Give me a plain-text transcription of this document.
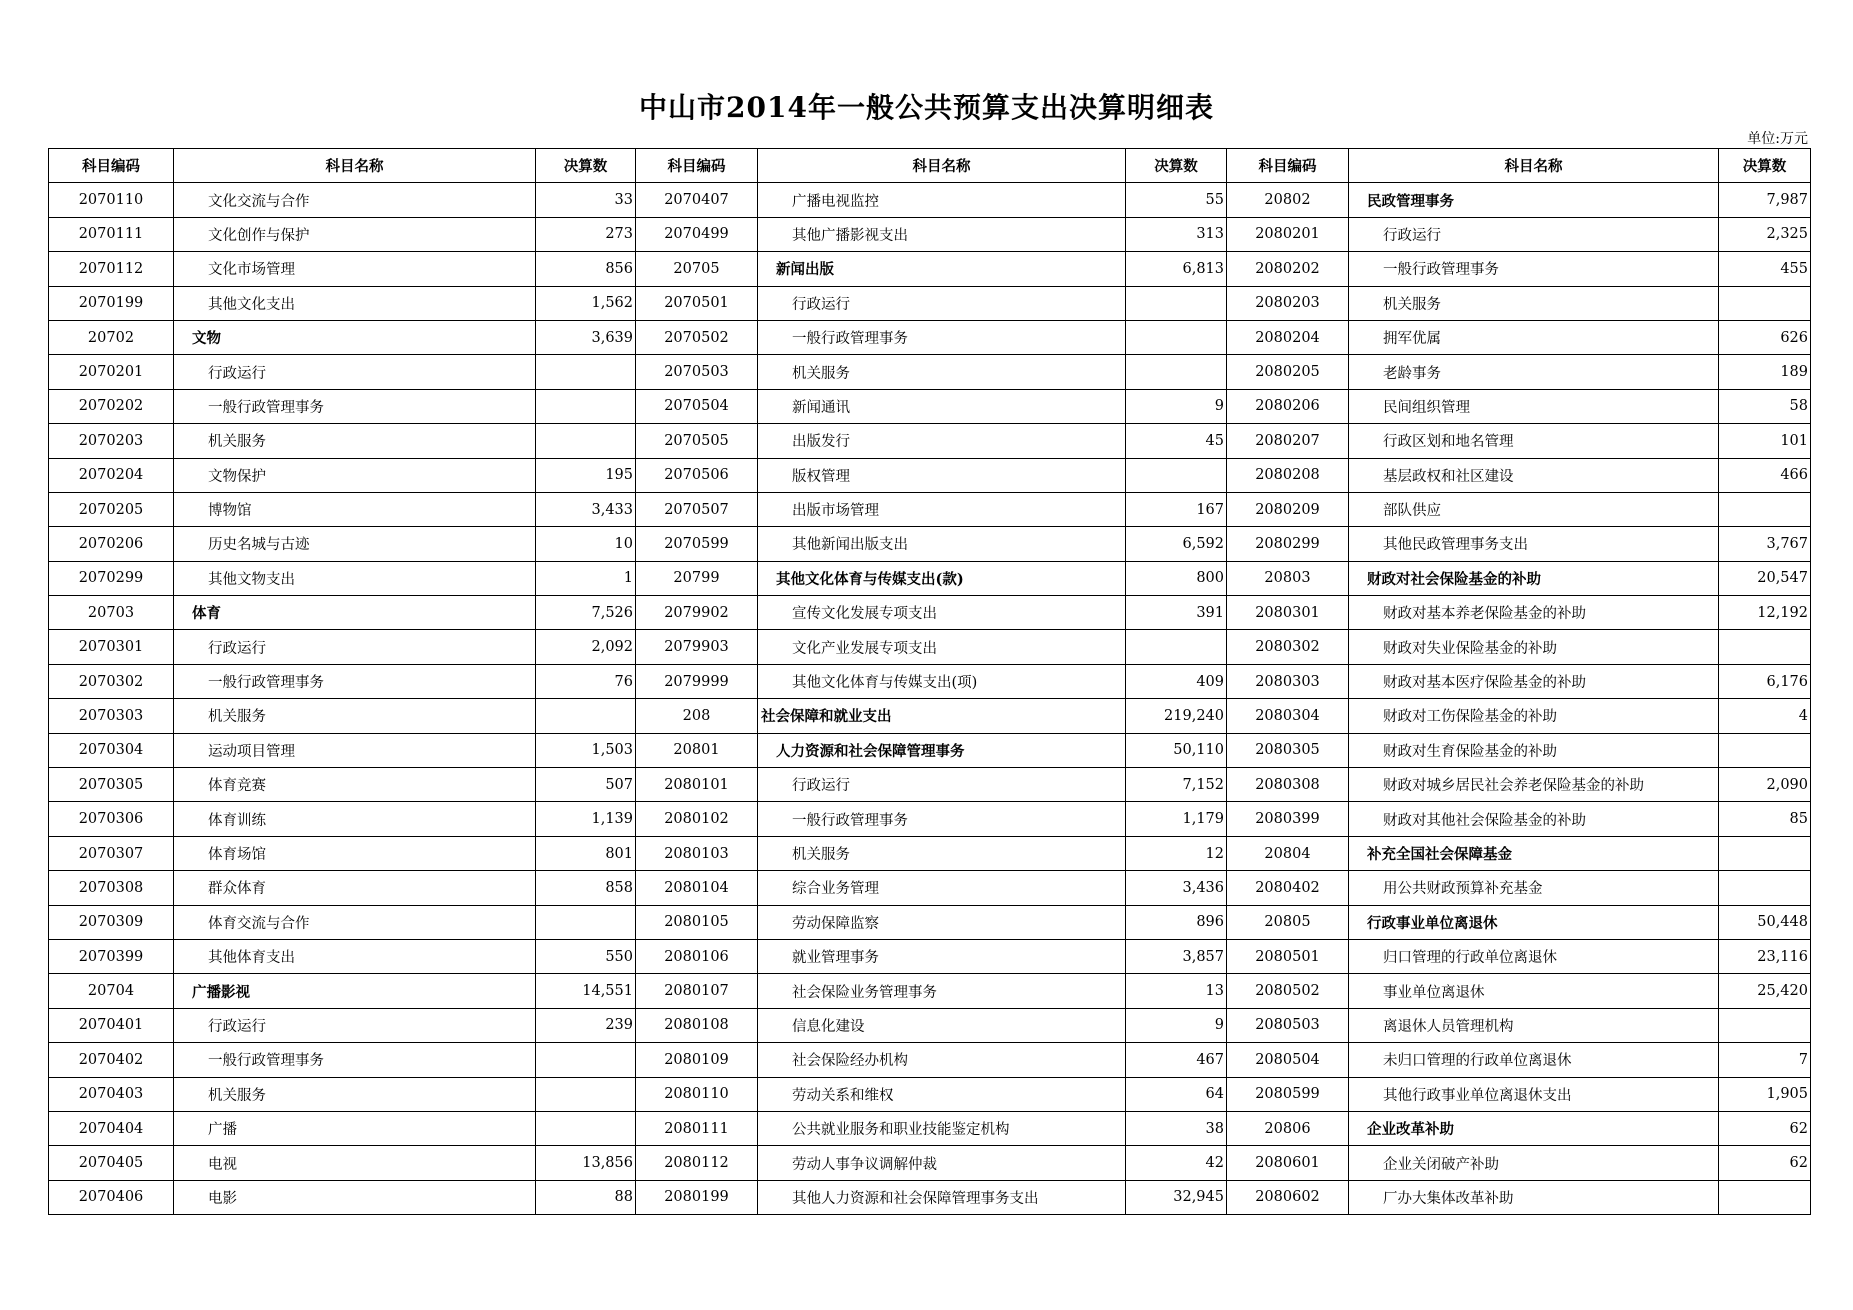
中山市2014年一般公共预算支出决算明细表
单位:万元
科目编码	科目名称	决算数	科目编码	科目名称	决算数	科目编码	科目名称	决算数
2070110	文化交流与合作	33	2070407	广播电视监控	55	20802	民政管理事务	7,987
2070111	文化创作与保护	273	2070499	其他广播影视支出	313	2080201	行政运行	2,325
2070112	文化市场管理	856	20705	新闻出版	6,813	2080202	一般行政管理事务	455
2070199	其他文化支出	1,562	2070501	行政运行		2080203	机关服务	
20702	文物	3,639	2070502	一般行政管理事务		2080204	拥军优属	626
2070201	行政运行		2070503	机关服务		2080205	老龄事务	189
2070202	一般行政管理事务		2070504	新闻通讯	9	2080206	民间组织管理	58
2070203	机关服务		2070505	出版发行	45	2080207	行政区划和地名管理	101
2070204	文物保护	195	2070506	版权管理		2080208	基层政权和社区建设	466
2070205	博物馆	3,433	2070507	出版市场管理	167	2080209	部队供应	
2070206	历史名城与古迹	10	2070599	其他新闻出版支出	6,592	2080299	其他民政管理事务支出	3,767
2070299	其他文物支出	1	20799	其他文化体育与传媒支出(款)	800	20803	财政对社会保险基金的补助	20,547
20703	体育	7,526	2079902	宣传文化发展专项支出	391	2080301	财政对基本养老保险基金的补助	12,192
2070301	行政运行	2,092	2079903	文化产业发展专项支出		2080302	财政对失业保险基金的补助	
2070302	一般行政管理事务	76	2079999	其他文化体育与传媒支出(项)	409	2080303	财政对基本医疗保险基金的补助	6,176
2070303	机关服务		208	社会保障和就业支出	219,240	2080304	财政对工伤保险基金的补助	4
2070304	运动项目管理	1,503	20801	人力资源和社会保障管理事务	50,110	2080305	财政对生育保险基金的补助	
2070305	体育竞赛	507	2080101	行政运行	7,152	2080308	财政对城乡居民社会养老保险基金的补助	2,090
2070306	体育训练	1,139	2080102	一般行政管理事务	1,179	2080399	财政对其他社会保险基金的补助	85
2070307	体育场馆	801	2080103	机关服务	12	20804	补充全国社会保障基金	
2070308	群众体育	858	2080104	综合业务管理	3,436	2080402	用公共财政预算补充基金	
2070309	体育交流与合作		2080105	劳动保障监察	896	20805	行政事业单位离退休	50,448
2070399	其他体育支出	550	2080106	就业管理事务	3,857	2080501	归口管理的行政单位离退休	23,116
20704	广播影视	14,551	2080107	社会保险业务管理事务	13	2080502	事业单位离退休	25,420
2070401	行政运行	239	2080108	信息化建设	9	2080503	离退休人员管理机构	
2070402	一般行政管理事务		2080109	社会保险经办机构	467	2080504	未归口管理的行政单位离退休	7
2070403	机关服务		2080110	劳动关系和维权	64	2080599	其他行政事业单位离退休支出	1,905
2070404	广播		2080111	公共就业服务和职业技能鉴定机构	38	20806	企业改革补助	62
2070405	电视	13,856	2080112	劳动人事争议调解仲裁	42	2080601	企业关闭破产补助	62
2070406	电影	88	2080199	其他人力资源和社会保障管理事务支出	32,945	2080602	厂办大集体改革补助	
